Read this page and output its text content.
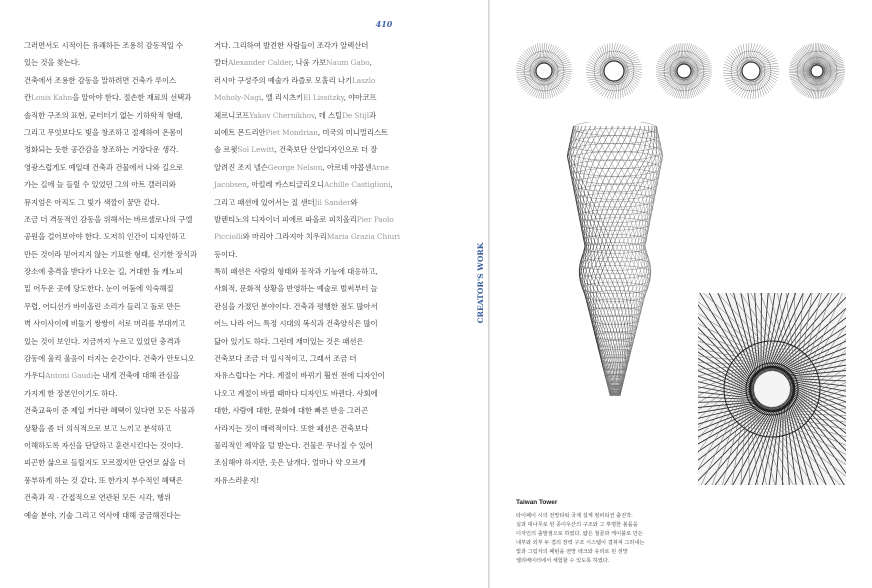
410
그러면서도 시적이든 유쾌하든 조용히 감동적일 수
있는 것을 찾는다.
건축에서 조용한 감동을 말하려면 건축가 루이스
칸Louis Kahn을 알아야 한다. 절손한 재료의 선택과
솔직한 구조의 표현, 균터터기 없는 기하학적 형태,
그리고 무엇보다도 빛을 창조하고 절제하여 온몸이
정화되는 듯한 공간감을 창조하는 거장다운 생각.
영광스럽게도 예일대 건축과 건물에서 나와 길으로
가는 길에 늘 들릴 수 있었던 그의 아트 갤러리와
뮤지엄은 아직도 그 빛가 색깔이 꿈만 같다.
조금 더 격동적인 감동을 위해서는 바르셀로나의 구엘
공원을 걸어보아야 한다. 도저히 인간이 디자인하고
만든 것이라 믿어지지 않는 기묘한 형태, 신기한 장식과
장소에 충격을 받다가 나오는 길, 거대한 돌 캐노피
밑 어두운 곳에 당도한다. 눈이 어둠에 익숙해질
무렵, 어디선가 바이올린 소리가 들리고 돌로 만든
벽 사이사이에 비둘기 쌍쌍이 서로 머리를 부대끼고
있는 것이 보인다. 지금까지 누르고 있었던 충격과
감동에 울컥 울음이 터지는 순간이다. 건축가 안토니오
가우디Antoni Gaudi는 내게 건축에 대해 관심을
가지게 한 장본인이기도 하다.
건축교육이 준 제일 커다란 혜택이 있다면 모든 사물과
상황을 좀 더 의식적으로 보고 느끼고 분석하고
이해하도록 자신을 단달하고 훈련시킨다는 것이다.
피곤한 삶으로 들릴지도 모르겠지만 단연코 삶을 더
풍부하게 하는 것 같다. 또 한가지 부수적인 혜택은
건축과 직 · 간접적으로 연관된 모든 시각, 행위
예술 분야, 기술 그리고 역사에 대해 궁금해진다는
거다. 그리하여 발견한 사람들이 조각가 알렉산더
칼더Alexander Calder, 나움 가보Naum Gabo,
러시아 구성주의 예술가 라즐로 모홀리 나기Laszlo
Moholy-Nagi, 엘 리시츠키El Lissitzky, 야아코프
체르니코프Yakov Chernikhov, 데 스틸De Stijl과
피에트 몬드리안Piet Mondrian, 미국의 미니멀리스트
솔 르윗Sol Lewitt, 건축보단 산업디자인으로 더 잘
알려진 조지 넬슨George Nelson, 아르네 야콥센Arne
Jacobsen, 아킬레 카스티글리오니Achille Castiglioni,
그리고 패션에 있어서는 질 샌더Jil Sander와
발렌티노의 디자이너 피에르 파올로 피치올리Pier Paolo
Picciolli와 마리아 그라지아 치우리Maria Grazia Chiuri
등이다.
특히 패션은 사람의 형태와 동작과 기능에 대응하고,
사회적, 문화적 상황을 반영하는 예술로 벌써부터 늘
관심을 가졌던 분야이다. 건축과 평행한 점도 많아서
어느 나라 어느 특정 시대의 복식과 건축양식은 많이
닮아 있기도 하다. 그런데 재미있는 것은 패션은
건축보다 조금 더 일시적이고, 그래서 조금 더
자유스럽다는 거다. 계절이 바뀌기 훨씬 전에 디자인이
나오고 계절이 바뀔 때마다 디자인도 바뀐다. 사회에
대한, 사람에 대한, 문화에 대한 빠른 반응 그러곤
사라지는 것이 매력적이다. 또한 패션은 건축보다
물리적인 제약을 덜 받는다. 건물은 무너질 수 있어
조심해야 하지만, 옷은 날개다. 얼마나 약 오르게
자유스러운지!
CREATOR'S WORK
Taiwan Tower
타이페이 시의 전망타워 국제 설계 컴피티션 출전작.
실과 대나무로 된 종이우산의 구조와 그 투명한 볼륨을
디자인의 출발점으로 하였다. 얇은 철골과 케이블로 만든
내부와 외부 두 겹의 장력 구조 시스템이 겹쳐져 그러내는
빛과 그림자의 패턴을 전망 데크와 유리로 된 전망
엘리베이터에서 체험할 수 있도록 하였다.
